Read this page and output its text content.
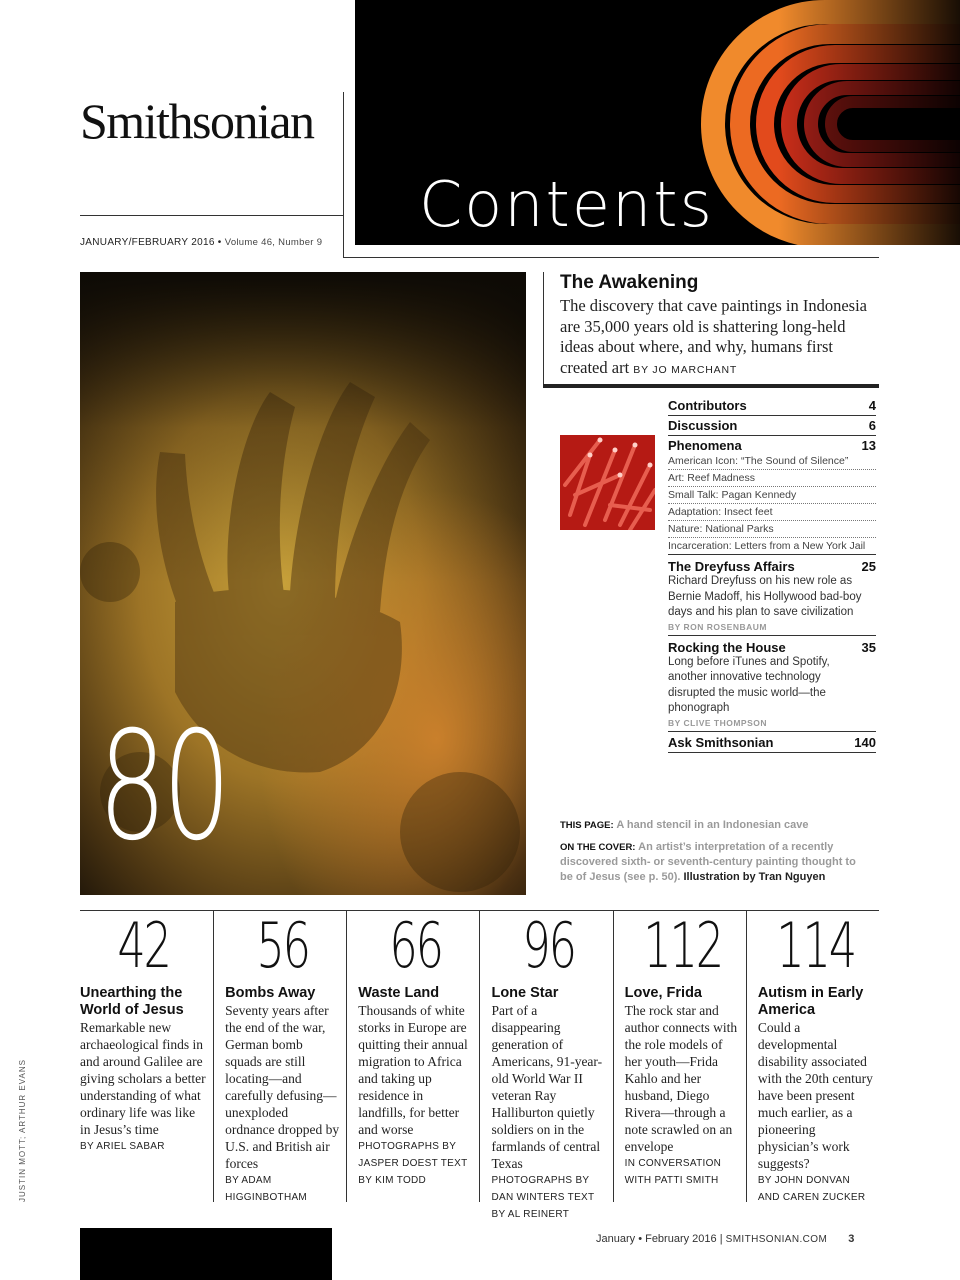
Smithsonian
JANUARY/FEBRUARY 2016 • Volume 46, Number 9
Contents
80
The Awakening
The discovery that cave paintings in Indonesia are 35,000 years old is shattering long-held ideas about where, and why, humans first created art BY JO MARCHANT
Contributors	4
Discussion	6
Phenomena	13
American Icon: “The Sound of Silence”
Art: Reef Madness
Small Talk: Pagan Kennedy
Adaptation: Insect feet
Nature: National Parks
Incarceration: Letters from a New York Jail
The Dreyfuss Affairs	25
Richard Dreyfuss on his new role as Bernie Madoff, his Hollywood bad-boy days and his plan to save civilization
BY RON ROSENBAUM
Rocking the House	35
Long before iTunes and Spotify, another innovative technology disrupted the music world—the phonograph
BY CLIVE THOMPSON
Ask Smithsonian	140
THIS PAGE: A hand stencil in an Indonesian cave
ON THE COVER: An artist’s interpretation of a recently discovered sixth- or seventh-century painting thought to be of Jesus (see p. 50). Illustration by Tran Nguyen
42
Unearthing the World of Jesus
Remarkable new archaeological finds in and around Galilee are giving scholars a better understanding of what ordinary life was like in Jesus’s time
BY ARIEL SABAR
56
Bombs Away
Seventy years after the end of the war, German bomb squads are still locating—and carefully defusing—unexploded ordnance dropped by U.S. and British air forces
BY ADAM HIGGINBOTHAM
66
Waste Land
Thousands of white storks in Europe are quitting their annual migration to Africa and taking up residence in landfills, for better and worse
PHOTOGRAPHS BY JASPER DOEST TEXT BY KIM TODD
96
Lone Star
Part of a disappearing generation of Americans, 91-year-old World War II veteran Ray Halliburton quietly soldiers on in the farmlands of central Texas
PHOTOGRAPHS BY DAN WINTERS TEXT BY AL REINERT
112
Love, Frida
The rock star and author connects with the role models of her youth—Frida Kahlo and her husband, Diego Rivera—through a note scrawled on an envelope
IN CONVERSATION WITH PATTI SMITH
114
Autism in Early America
Could a developmental disability associated with the 20th century have been present much earlier, as a pioneering physician’s work suggests?
BY JOHN DONVAN AND CAREN ZUCKER
JUSTIN MOTT; ARTHUR EVANS
January • February 2016 | SMITHSONIAN.COM 3
